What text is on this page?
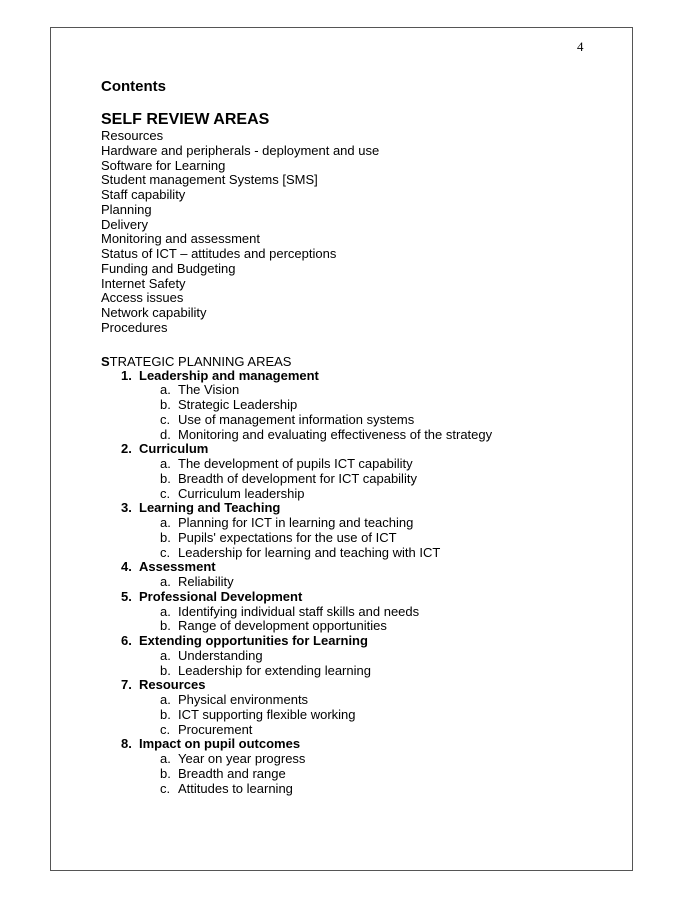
4
Contents
SELF REVIEW AREAS
Resources
Hardware and peripherals - deployment and use
Software for Learning
Student management Systems [SMS]
Staff capability
Planning
Delivery
Monitoring and assessment
Status of ICT – attitudes and perceptions
Funding and Budgeting
Internet Safety
Access issues
Network capability
Procedures
STRATEGIC PLANNING AREAS
1. Leadership and management
a. The Vision
b. Strategic Leadership
c. Use of management information systems
d. Monitoring and evaluating effectiveness of the strategy
2. Curriculum
a. The development of pupils ICT capability
b. Breadth of development for ICT capability
c. Curriculum leadership
3. Learning and Teaching
a. Planning for ICT in learning and teaching
b. Pupils' expectations for the use of ICT
c. Leadership for learning and teaching with ICT
4. Assessment
a. Reliability
5. Professional Development
a. Identifying individual staff skills and needs
b. Range of development opportunities
6. Extending opportunities for Learning
a. Understanding
b. Leadership for extending learning
7. Resources
a. Physical environments
b. ICT supporting flexible working
c. Procurement
8. Impact on pupil outcomes
a. Year on year progress
b. Breadth and range
c. Attitudes to learning
